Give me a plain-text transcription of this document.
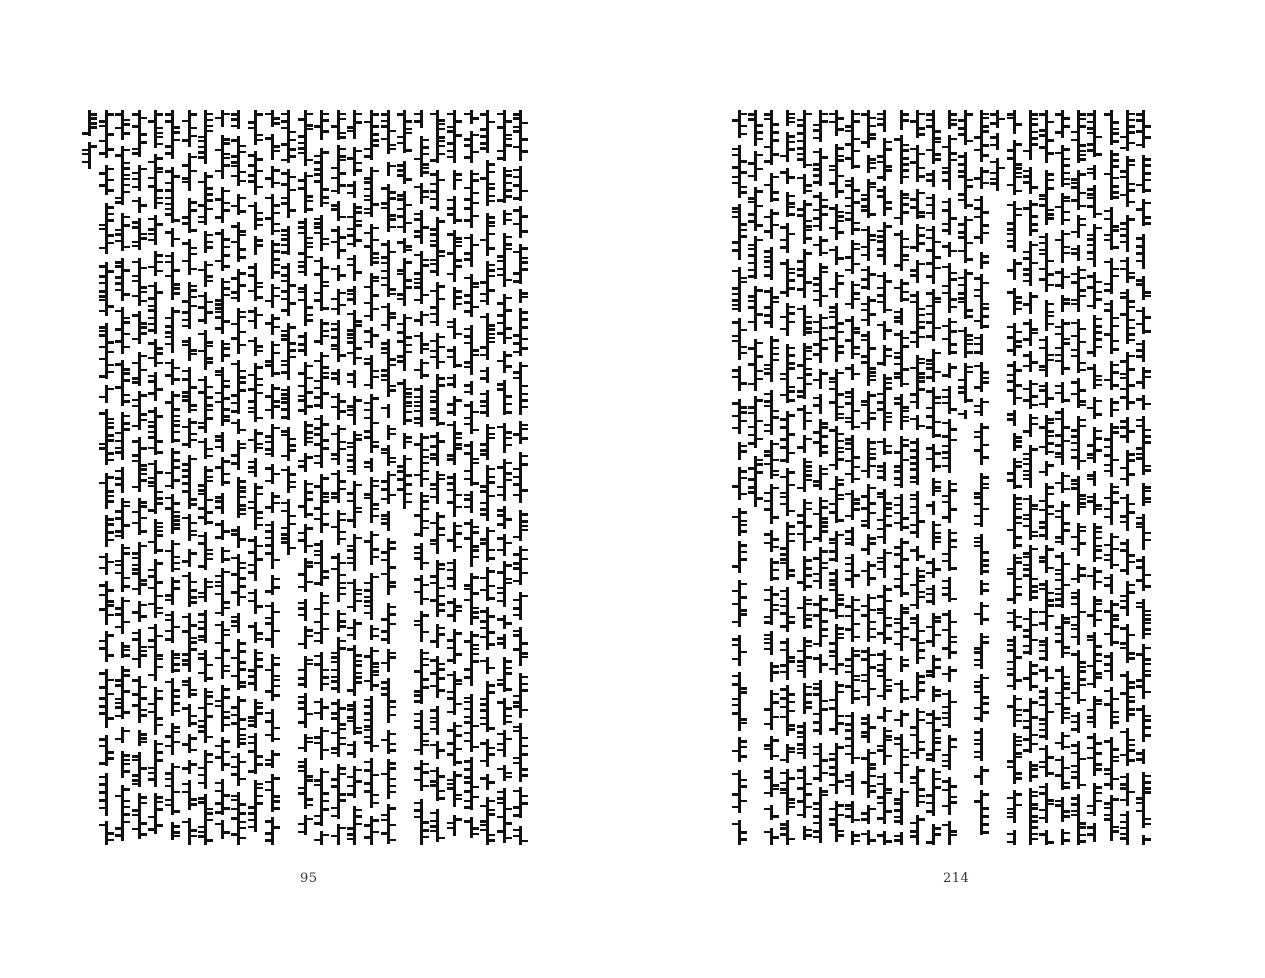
95	214
